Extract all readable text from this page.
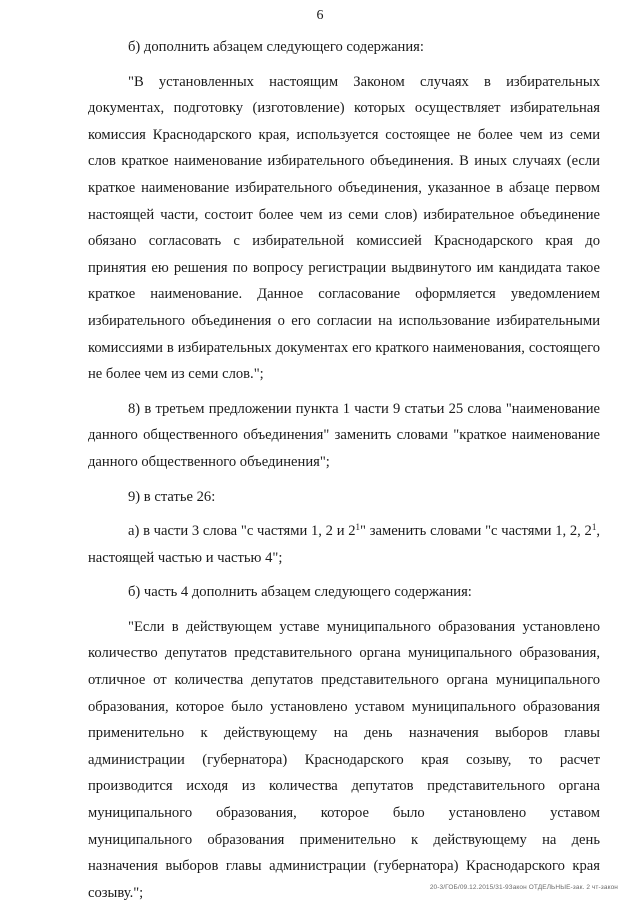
6

б) дополнить абзацем следующего содержания:

"В установленных настоящим Законом случаях в избирательных документах, подготовку (изготовление) которых осуществляет избирательная комиссия Краснодарского края, используется состоящее не более чем из семи слов краткое наименование избирательного объединения. В иных случаях (если краткое наименование избирательного объединения, указанное в абзаце первом настоящей части, состоит более чем из семи слов) избирательное объединение обязано согласовать с избирательной комиссией Краснодарского края до принятия ею решения по вопросу регистрации выдвинутого им кандидата такое краткое наименование. Данное согласование оформляется уведомлением избирательного объединения о его согласии на использование избирательными комиссиями в избирательных документах его краткого наименования, состоящего не более чем из семи слов.";

8) в третьем предложении пункта 1 части 9 статьи 25 слова "наименование данного общественного объединения" заменить словами "краткое наименование данного общественного объединения";

9) в статье 26:

а) в части 3 слова "с частями 1, 2 и $2^1$" заменить словами "с частями 1, 2, $2^1$, настоящей частью и частью 4";

б) часть 4 дополнить абзацем следующего содержания:

"Если в действующем уставе муниципального образования установлено количество депутатов представительного органа муниципального образования, отличное от количества депутатов представительного органа муниципального образования, которое было установлено уставом муниципального образования применительно к действующему на день назначения выборов главы администрации (губернатора) Краснодарского края созыву, то расчет производится исходя из количества депутатов представительного органа муниципального образования, которое было установлено уставом муниципального образования применительно к действующему на день назначения выборов главы администрации (губернатора) Краснодарского края созыву.";	20-3/ГОБ/09.12.2015/31-9Закон ОТДЕЛЬНЫЕ-зак. 2 чт-закон
